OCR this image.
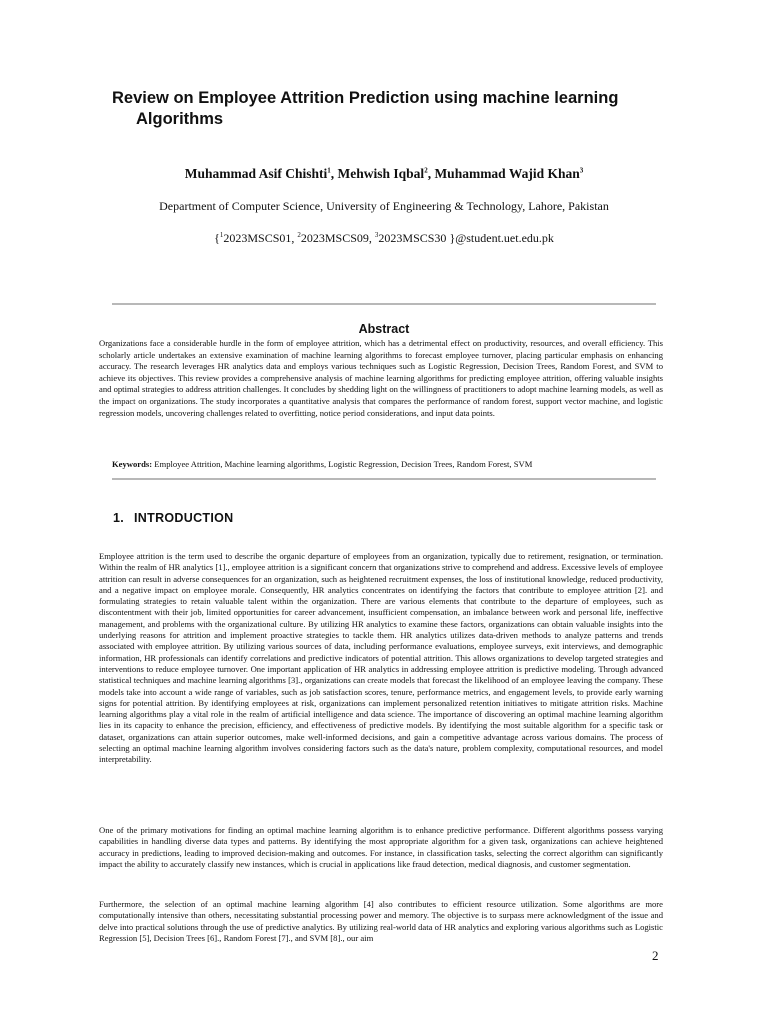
Review on Employee Attrition Prediction using machine learning
Algorithms
Muhammad Asif Chishti$^1$, Mehwish Iqbal$^2$, Muhammad Wajid Khan$^3$
Department of Computer Science, University of Engineering & Technology, Lahore, Pakistan
{$^1$2023MSCS01, $^2$2023MSCS09, $^3$2023MSCS30 }@student.uet.edu.pk
Abstract

Organizations face a considerable hurdle in the form of employee attrition, which has a detrimental effect on productivity, resources, and overall efficiency. This scholarly article undertakes an extensive examination of machine learning algorithms to forecast employee turnover, placing particular emphasis on enhancing accuracy. The research leverages HR analytics data and employs various techniques such as Logistic Regression, Decision Trees, Random Forest, and SVM to achieve its objectives. This review provides a comprehensive analysis of machine learning algorithms for predicting employee attrition, offering valuable insights and optimal strategies to address attrition challenges. It concludes by shedding light on the willingness of practitioners to adopt machine learning models, as well as the impact on organizations. The study incorporates a quantitative analysis that compares the performance of random forest, support vector machine, and logistic regression models, uncovering challenges related to overfitting, notice period considerations, and input data points.

Keywords: Employee Attrition, Machine learning algorithms, Logistic Regression, Decision Trees, Random Forest, SVM
1. INTRODUCTION

Employee attrition is the term used to describe the organic departure of employees from an organization, typically due to retirement, resignation, or termination. Within the realm of HR analytics [1]., employee attrition is a significant concern that organizations strive to comprehend and address. Excessive levels of employee attrition can result in adverse consequences for an organization, such as heightened recruitment expenses, the loss of institutional knowledge, reduced productivity, and a negative impact on employee morale. Consequently, HR analytics concentrates on identifying the factors that contribute to employee attrition [2]. and formulating strategies to retain valuable talent within the organization. There are various elements that contribute to the departure of employees, such as discontentment with their job, limited opportunities for career advancement, insufficient compensation, an imbalance between work and personal life, ineffective management, and problems with the organizational culture. By utilizing HR analytics to examine these factors, organizations can obtain valuable insights into the underlying reasons for attrition and implement proactive strategies to tackle them. HR analytics utilizes data-driven methods to analyze patterns and trends associated with employee attrition. By utilizing various sources of data, including performance evaluations, employee surveys, exit interviews, and demographic information, HR professionals can identify correlations and predictive indicators of potential attrition. This allows organizations to develop targeted strategies and interventions to reduce employee turnover. One important application of HR analytics in addressing employee attrition is predictive modeling. Through advanced statistical techniques and machine learning algorithms [3]., organizations can create models that forecast the likelihood of an employee leaving the company. These models take into account a wide range of variables, such as job satisfaction scores, tenure, performance metrics, and engagement levels, to provide early warning signs for potential attrition. By identifying employees at risk, organizations can implement personalized retention initiatives to mitigate attrition risks. Machine learning algorithms play a vital role in the realm of artificial intelligence and data science. The importance of discovering an optimal machine learning algorithm lies in its capacity to enhance the precision, efficiency, and effectiveness of predictive models. By identifying the most suitable algorithm for a specific task or dataset, organizations can attain superior outcomes, make well-informed decisions, and gain a competitive advantage across various domains. The process of selecting an optimal machine learning algorithm involves considering factors such as the data's nature, problem complexity, computational resources, and model interpretability.

One of the primary motivations for finding an optimal machine learning algorithm is to enhance predictive performance. Different algorithms possess varying capabilities in handling diverse data types and patterns. By identifying the most appropriate algorithm for a given task, organizations can achieve heightened accuracy in predictions, leading to improved decision-making and outcomes. For instance, in classification tasks, selecting the correct algorithm can significantly impact the ability to accurately classify new instances, which is crucial in applications like fraud detection, medical diagnosis, and customer segmentation.

Furthermore, the selection of an optimal machine learning algorithm [4] also contributes to efficient resource utilization. Some algorithms are more computationally intensive than others, necessitating substantial processing power and memory. The objective is to surpass mere acknowledgment of the issue and delve into practical solutions through the use of predictive analytics. By utilizing real-world data of HR analytics and exploring various algorithms such as Logistic Regression [5], Decision Trees [6]., Random Forest [7]., and SVM [8]., our aim

2
